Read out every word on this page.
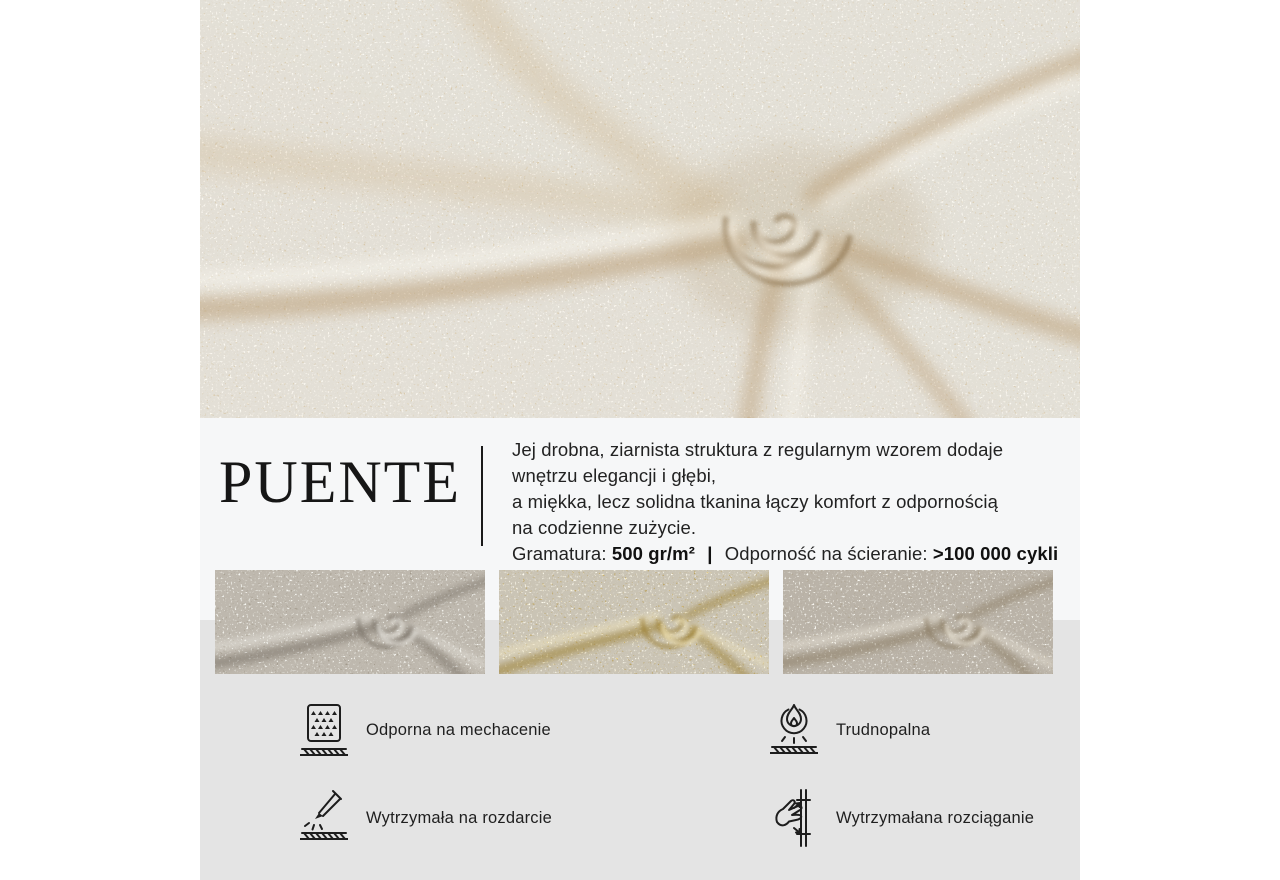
PUENTE	Jej drobna, ziarnista struktura z regularnym wzorem dodaje
wnętrzu elegancji i głębi,
a miękka, lecz solidna tkanina łączy komfort z odpornością
na codzienne zużycie.
Gramatura: 500 gr/m² | Odporność na ścieranie: >100 000 cykli
Odporna na mechacenie	Trudnopalna
Wytrzymała na rozdarcie	Wytrzymałana rozciąganie
